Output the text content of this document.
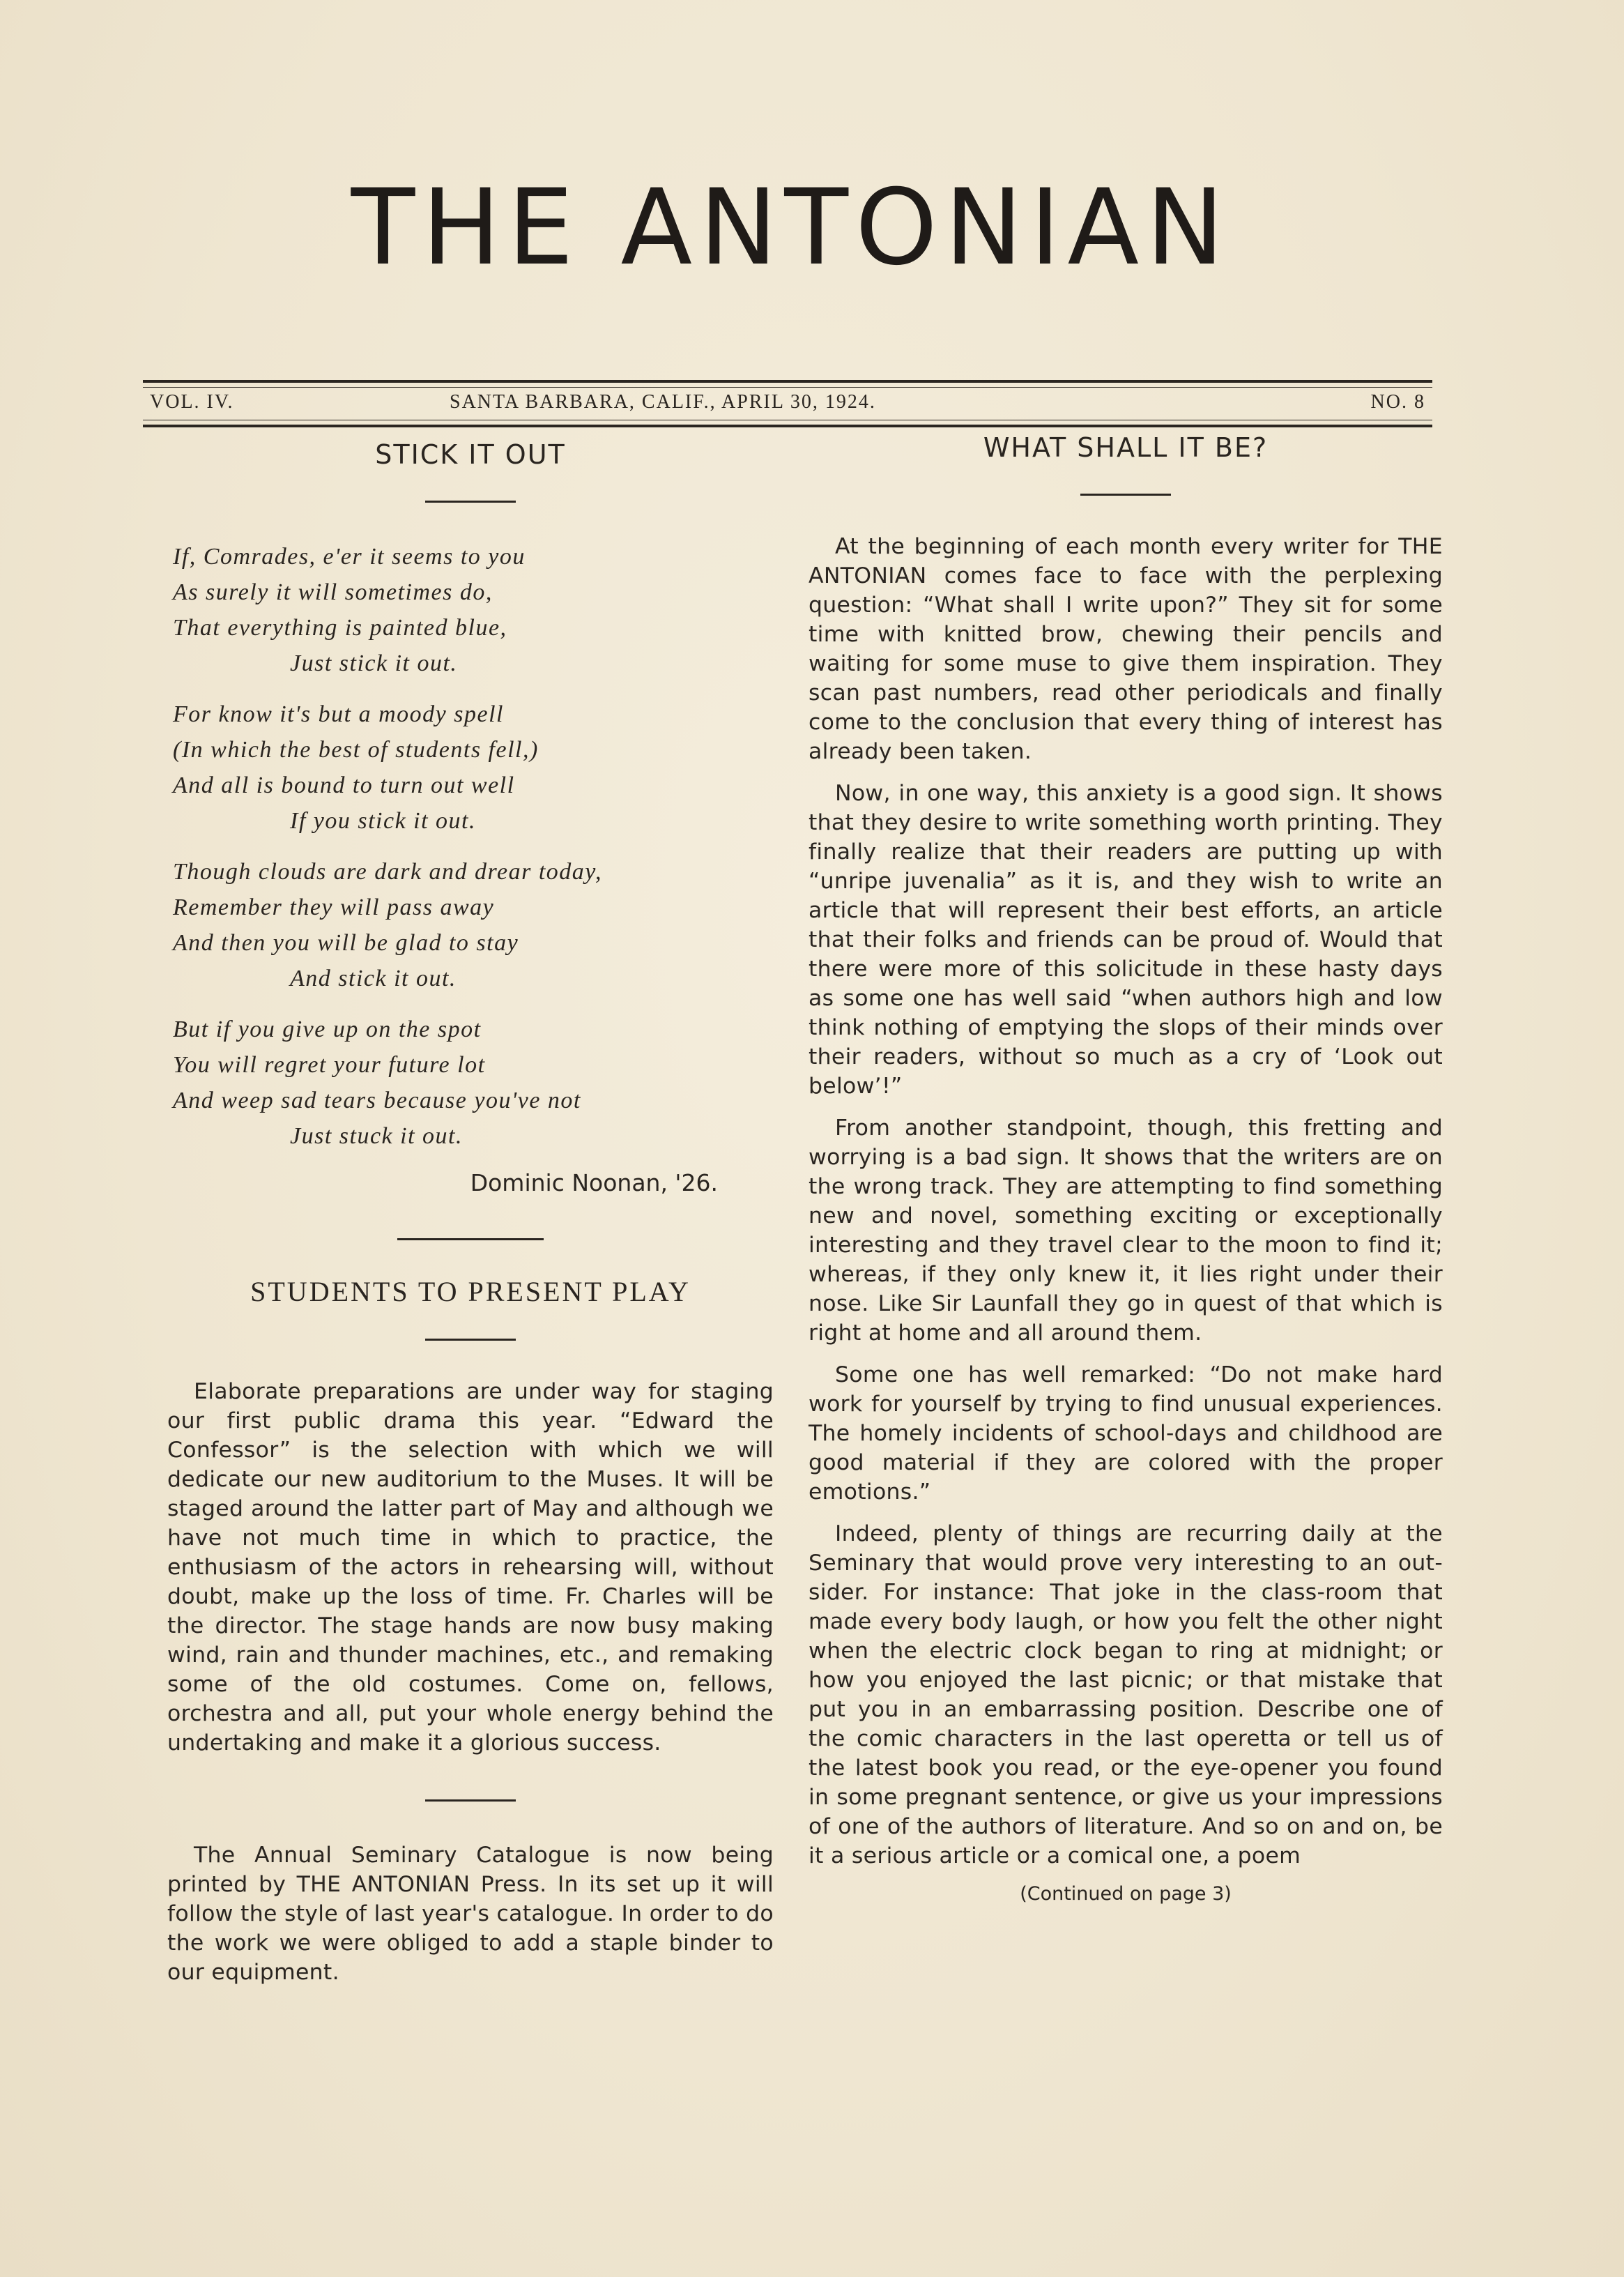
THE ANTONIAN
VOL. IV.	SANTA BARBARA, CALIF., APRIL 30, 1924.	NO. 8
STICK IT OUT
If, Comrades, e'er it seems to you
As surely it will sometimes do,
That everything is painted blue,
Just stick it out.
For know it's but a moody spell
(In which the best of students fell,)
And all is bound to turn out well
If you stick it out.
Though clouds are dark and drear today,
Remember they will pass away
And then you will be glad to stay
And stick it out.
But if you give up on the spot
You will regret your future lot
And weep sad tears because you've not
Just stuck it out.
Dominic Noonan, '26.
STUDENTS TO PRESENT PLAY

Elaborate preparations are under way for staging our first public drama this year. “Edward the Confessor” is the selection with which we will dedicate our new auditorium to the Muses. It will be staged around the latter part of May and although we have not much time in which to practice, the enthusiasm of the actors in rehearsing will, without doubt, make up the loss of time. Fr. Charles will be the director. The stage hands are now busy making wind, rain and thunder machines, etc., and remaking some of the old costumes. Come on, fellows, orchestra and all, put your whole energy behind the undertaking and make it a glorious success.

The Annual Seminary Catalogue is now being printed by THE ANTONIAN Press. In its set up it will follow the style of last year's catalogue. In order to do the work we were obliged to add a staple binder to our equipment.

WHAT SHALL IT BE?

At the beginning of each month every writer for THE ANTONIAN comes face to face with the perplexing question: “What shall I write upon?” They sit for some time with knitted brow, chewing their pencils and waiting for some muse to give them inspiration. They scan past numbers, read other periodicals and finally come to the conclusion that every thing of interest has already been taken.

Now, in one way, this anxiety is a good sign. It shows that they desire to write something worth printing. They finally realize that their readers are putting up with “unripe juvenalia” as it is, and they wish to write an article that will represent their best efforts, an article that their folks and friends can be proud of. Would that there were more of this solicitude in these hasty days as some one has well said “when authors high and low think nothing of emptying the slops of their minds over their readers, without so much as a cry of ‘Look out below’!”

From another standpoint, though, this fretting and worrying is a bad sign. It shows that the writers are on the wrong track. They are attempting to find something new and novel, something exciting or exceptionally interesting and they travel clear to the moon to find it; whereas, if they only knew it, it lies right under their nose. Like Sir Launfall they go in quest of that which is right at home and all around them.

Some one has well remarked: “Do not make hard work for yourself by trying to find unusual experiences. The homely incidents of school-days and childhood are good material if they are colored with the proper emotions.”

Indeed, plenty of things are recurring daily at the Seminary that would prove very interesting to an out-sider. For instance: That joke in the class-room that made every body laugh, or how you felt the other night when the electric clock began to ring at midnight; or how you enjoyed the last picnic; or that mistake that put you in an embarrassing position. Describe one of the comic characters in the last operetta or tell us of the latest book you read, or the eye-opener you found in some pregnant sentence, or give us your impressions of one of the authors of literature. And so on and on, be it a serious article or a comical one, a poem

(Continued on page 3)
